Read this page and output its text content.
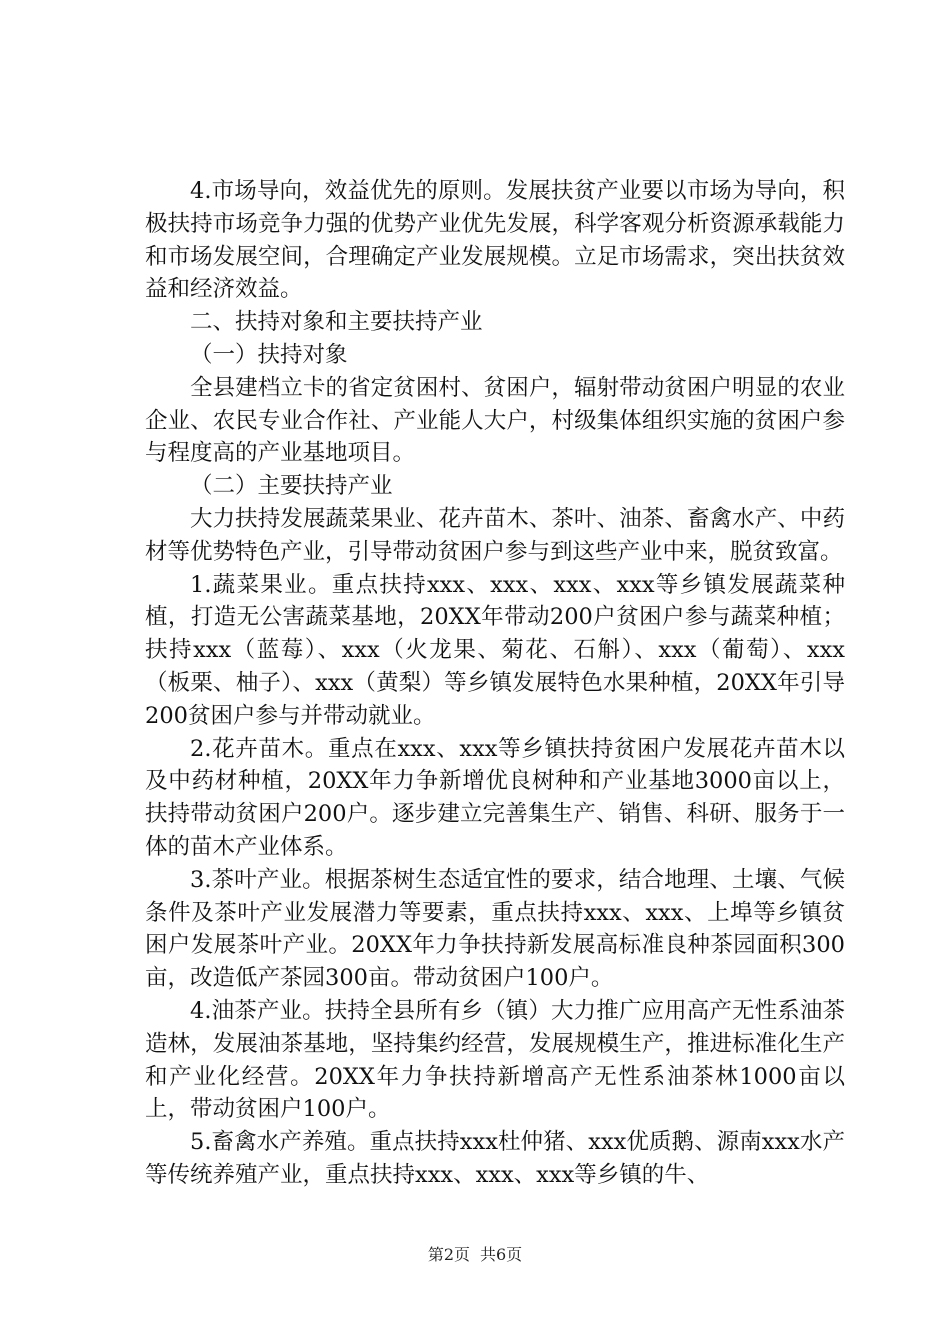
4.市场导向，效益优先的原则。发展扶贫产业要以市场为导向，积极扶持市场竞争力强的优势产业优先发展，科学客观分析资源承载能力和市场发展空间，合理确定产业发展规模。立足市场需求，突出扶贫效益和经济效益。

二、扶持对象和主要扶持产业

（一）扶持对象

全县建档立卡的省定贫困村、贫困户，辐射带动贫困户明显的农业企业、农民专业合作社、产业能人大户，村级集体组织实施的贫困户参与程度高的产业基地项目。

（二）主要扶持产业

大力扶持发展蔬菜果业、花卉苗木、茶叶、油茶、畜禽水产、中药材等优势特色产业，引导带动贫困户参与到这些产业中来，脱贫致富。

1.蔬菜果业。重点扶持xxx、xxx、xxx、xxx等乡镇发展蔬菜种植，打造无公害蔬菜基地，20XX年带动200户贫困户参与蔬菜种植；扶持xxx（蓝莓）、xxx（火龙果、菊花、石斛）、xxx（葡萄）、xxx（板栗、柚子）、xxx（黄梨）等乡镇发展特色水果种植，20XX年引导200贫困户参与并带动就业。

2.花卉苗木。重点在xxx、xxx等乡镇扶持贫困户发展花卉苗木以及中药材种植，20XX年力争新增优良树种和产业基地3000亩以上，扶持带动贫困户200户。逐步建立完善集生产、销售、科研、服务于一体的苗木产业体系。

3.茶叶产业。根据茶树生态适宜性的要求，结合地理、土壤、气候条件及茶叶产业发展潜力等要素，重点扶持xxx、xxx、上埠等乡镇贫困户发展茶叶产业。20XX年力争扶持新发展高标准良种茶园面积300亩，改造低产茶园300亩。带动贫困户100户。

4.油茶产业。扶持全县所有乡（镇）大力推广应用高产无性系油茶造林，发展油茶基地，坚持集约经营，发展规模生产，推进标准化生产和产业化经营。20XX年力争扶持新增高产无性系油茶林1000亩以上，带动贫困户100户。

5.畜禽水产养殖。重点扶持xxx杜仲猪、xxx优质鹅、源南xxx水产等传统养殖产业，重点扶持xxx、xxx、xxx等乡镇的牛、

第2页 共6页
